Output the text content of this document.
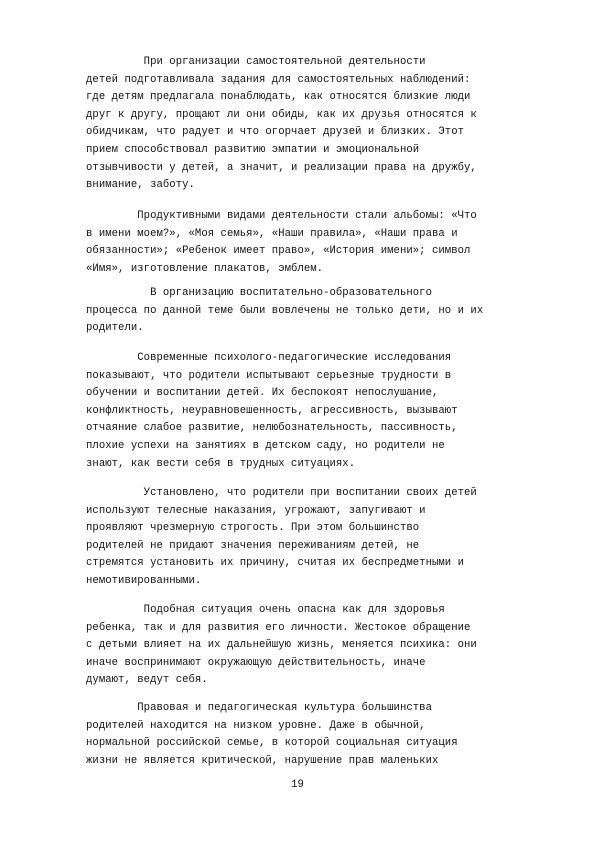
При организации самостоятельной деятельности
детей подготавливала задания для самостоятельных наблюдений:
где детям предлагала понаблюдать, как относятся близкие люди
друг к другу, прощают ли они обиды, как их друзья относятся к
обидчикам, что радует и что огорчает друзей и близких. Этот
прием способствовал развитию эмпатии и эмоциональной
отзывчивости у детей, а значит, и реализации права на дружбу,
внимание, заботу.
Продуктивными видами деятельности стали альбомы: «Что
в имени моем?», «Моя семья», «Наши правила», «Наши права и
обязанности»; «Ребенок имеет право», «История имени»; символ
«Имя», изготовление плакатов, эмблем.
В организацию воспитательно-образовательного
процесса по данной теме были вовлечены не только дети, но и их
родители.
Современные психолого-педагогические исследования
показывают, что родители испытывают серьезные трудности в
обучении и воспитании детей. Их беспокоят непослушание,
конфликтность, неуравновешенность, агрессивность, вызывают
отчаяние слабое развитие, нелюбознательность, пассивность,
плохие успехи на занятиях в детском саду, но родители не
знают, как вести себя в трудных ситуациях.
Установлено, что родители при воспитании своих детей
используют телесные наказания, угрожают, запугивают и
проявляют чрезмерную строгость. При этом большинство
родителей не придают значения переживаниям детей, не
стремятся установить их причину, считая их беспредметными и
немотивированными.
Подобная ситуация очень опасна как для здоровья
ребенка, так и для развития его личности. Жестокое обращение
с детьми влияет на их дальнейшую жизнь, меняется психика: они
иначе воспринимают окружающую действительность, иначе
думают, ведут себя.
Правовая и педагогическая культура большинства
родителей находится на низком уровне. Даже в обычной,
нормальной российской семье, в которой социальная ситуация
жизни не является критической, нарушение прав маленьких
19
